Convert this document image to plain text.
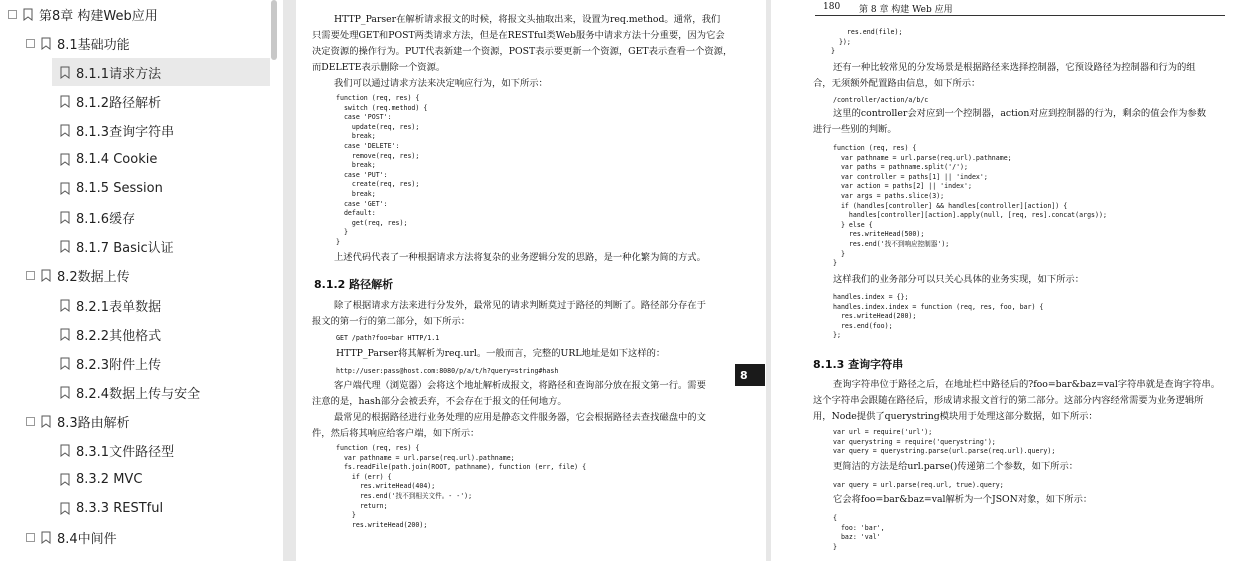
第8章 构建Web应用
8.1基础功能
8.1.1请求方法
8.1.2路径解析
8.1.3查询字符串
8.1.4 Cookie
8.1.5 Session
8.1.6缓存
8.1.7 Basic认证
8.2数据上传
8.2.1表单数据
8.2.2其他格式
8.2.3附件上传
8.2.4数据上传与安全
8.3路由解析
8.3.1文件路径型
8.3.2 MVC
8.3.3 RESTful
8.4中间件
HTTP_Parser在解析请求报文的时候，将报文头抽取出来，设置为req.method。通常，我们
只需要处理GET和POST两类请求方法，但是在RESTful类Web服务中请求方法十分重要，因为它会
决定资源的操作行为。PUT代表新建一个资源，POST表示要更新一个资源，GET表示查看一个资源，
而DELETE表示删除一个资源。
我们可以通过请求方法来决定响应行为，如下所示：
function (req, res) {
switch (req.method) {
case 'POST':
update(req, res);
break;
case 'DELETE':
remove(req, res);
break;
case 'PUT':
create(req, res);
break;
case 'GET':
default:
get(req, res);
}
}
上述代码代表了一种根据请求方法将复杂的业务逻辑分发的思路，是一种化繁为简的方式。
8.1.2 路径解析
除了根据请求方法来进行分发外，最常见的请求判断莫过于路径的判断了。路径部分存在于
报文的第一行的第二部分，如下所示：
GET /path?foo=bar HTTP/1.1
HTTP_Parser将其解析为req.url。一般而言，完整的URL地址是如下这样的：
http://user:pass@host.com:8080/p/a/t/h?query=string#hash
客户端代理（浏览器）会将这个地址解析成报文，将路径和查询部分放在报文第一行。需要
注意的是，hash部分会被丢弃，不会存在于报文的任何地方。
最常见的根据路径进行业务处理的应用是静态文件服务器，它会根据路径去查找磁盘中的文
件，然后将其响应给客户端，如下所示：
function (req, res) {
var pathname = url.parse(req.url).pathname;
fs.readFile(path.join(ROOT, pathname), function (err, file) {
if (err) {
res.writeHead(404);
res.end('找不到相关文件。- -');
return;
}
res.writeHead(200);
8
180 第 8 章 构建 Web 应用
res.end(file);
});
}
还有一种比较常见的分发场景是根据路径来选择控制器，它预设路径为控制器和行为的组
合，无须额外配置路由信息，如下所示：
/controller/action/a/b/c
这里的controller会对应到一个控制器，action对应到控制器的行为，剩余的值会作为参数
进行一些别的判断。
function (req, res) {
var pathname = url.parse(req.url).pathname;
var paths = pathname.split('/');
var controller = paths[1] || 'index';
var action = paths[2] || 'index';
var args = paths.slice(3);
if (handles[controller] && handles[controller][action]) {
handles[controller][action].apply(null, [req, res].concat(args));
} else {
res.writeHead(500);
res.end('找不到响应控制器');
}
}
这样我们的业务部分可以只关心具体的业务实现，如下所示：
handles.index = {};
handles.index.index = function (req, res, foo, bar) {
res.writeHead(200);
res.end(foo);
};
8.1.3 查询字符串
查询字符串位于路径之后，在地址栏中路径后的?foo=bar&baz=val字符串就是查询字符串。
这个字符串会跟随在路径后，形成请求报文首行的第二部分。这部分内容经常需要为业务逻辑所
用，Node提供了querystring模块用于处理这部分数据，如下所示：
var url = require('url');
var querystring = require('querystring');
var query = querystring.parse(url.parse(req.url).query);
更简洁的方法是给url.parse()传递第二个参数，如下所示：
var query = url.parse(req.url, true).query;
它会将foo=bar&baz=val解析为一个JSON对象，如下所示：
{
foo: 'bar',
baz: 'val'
}
